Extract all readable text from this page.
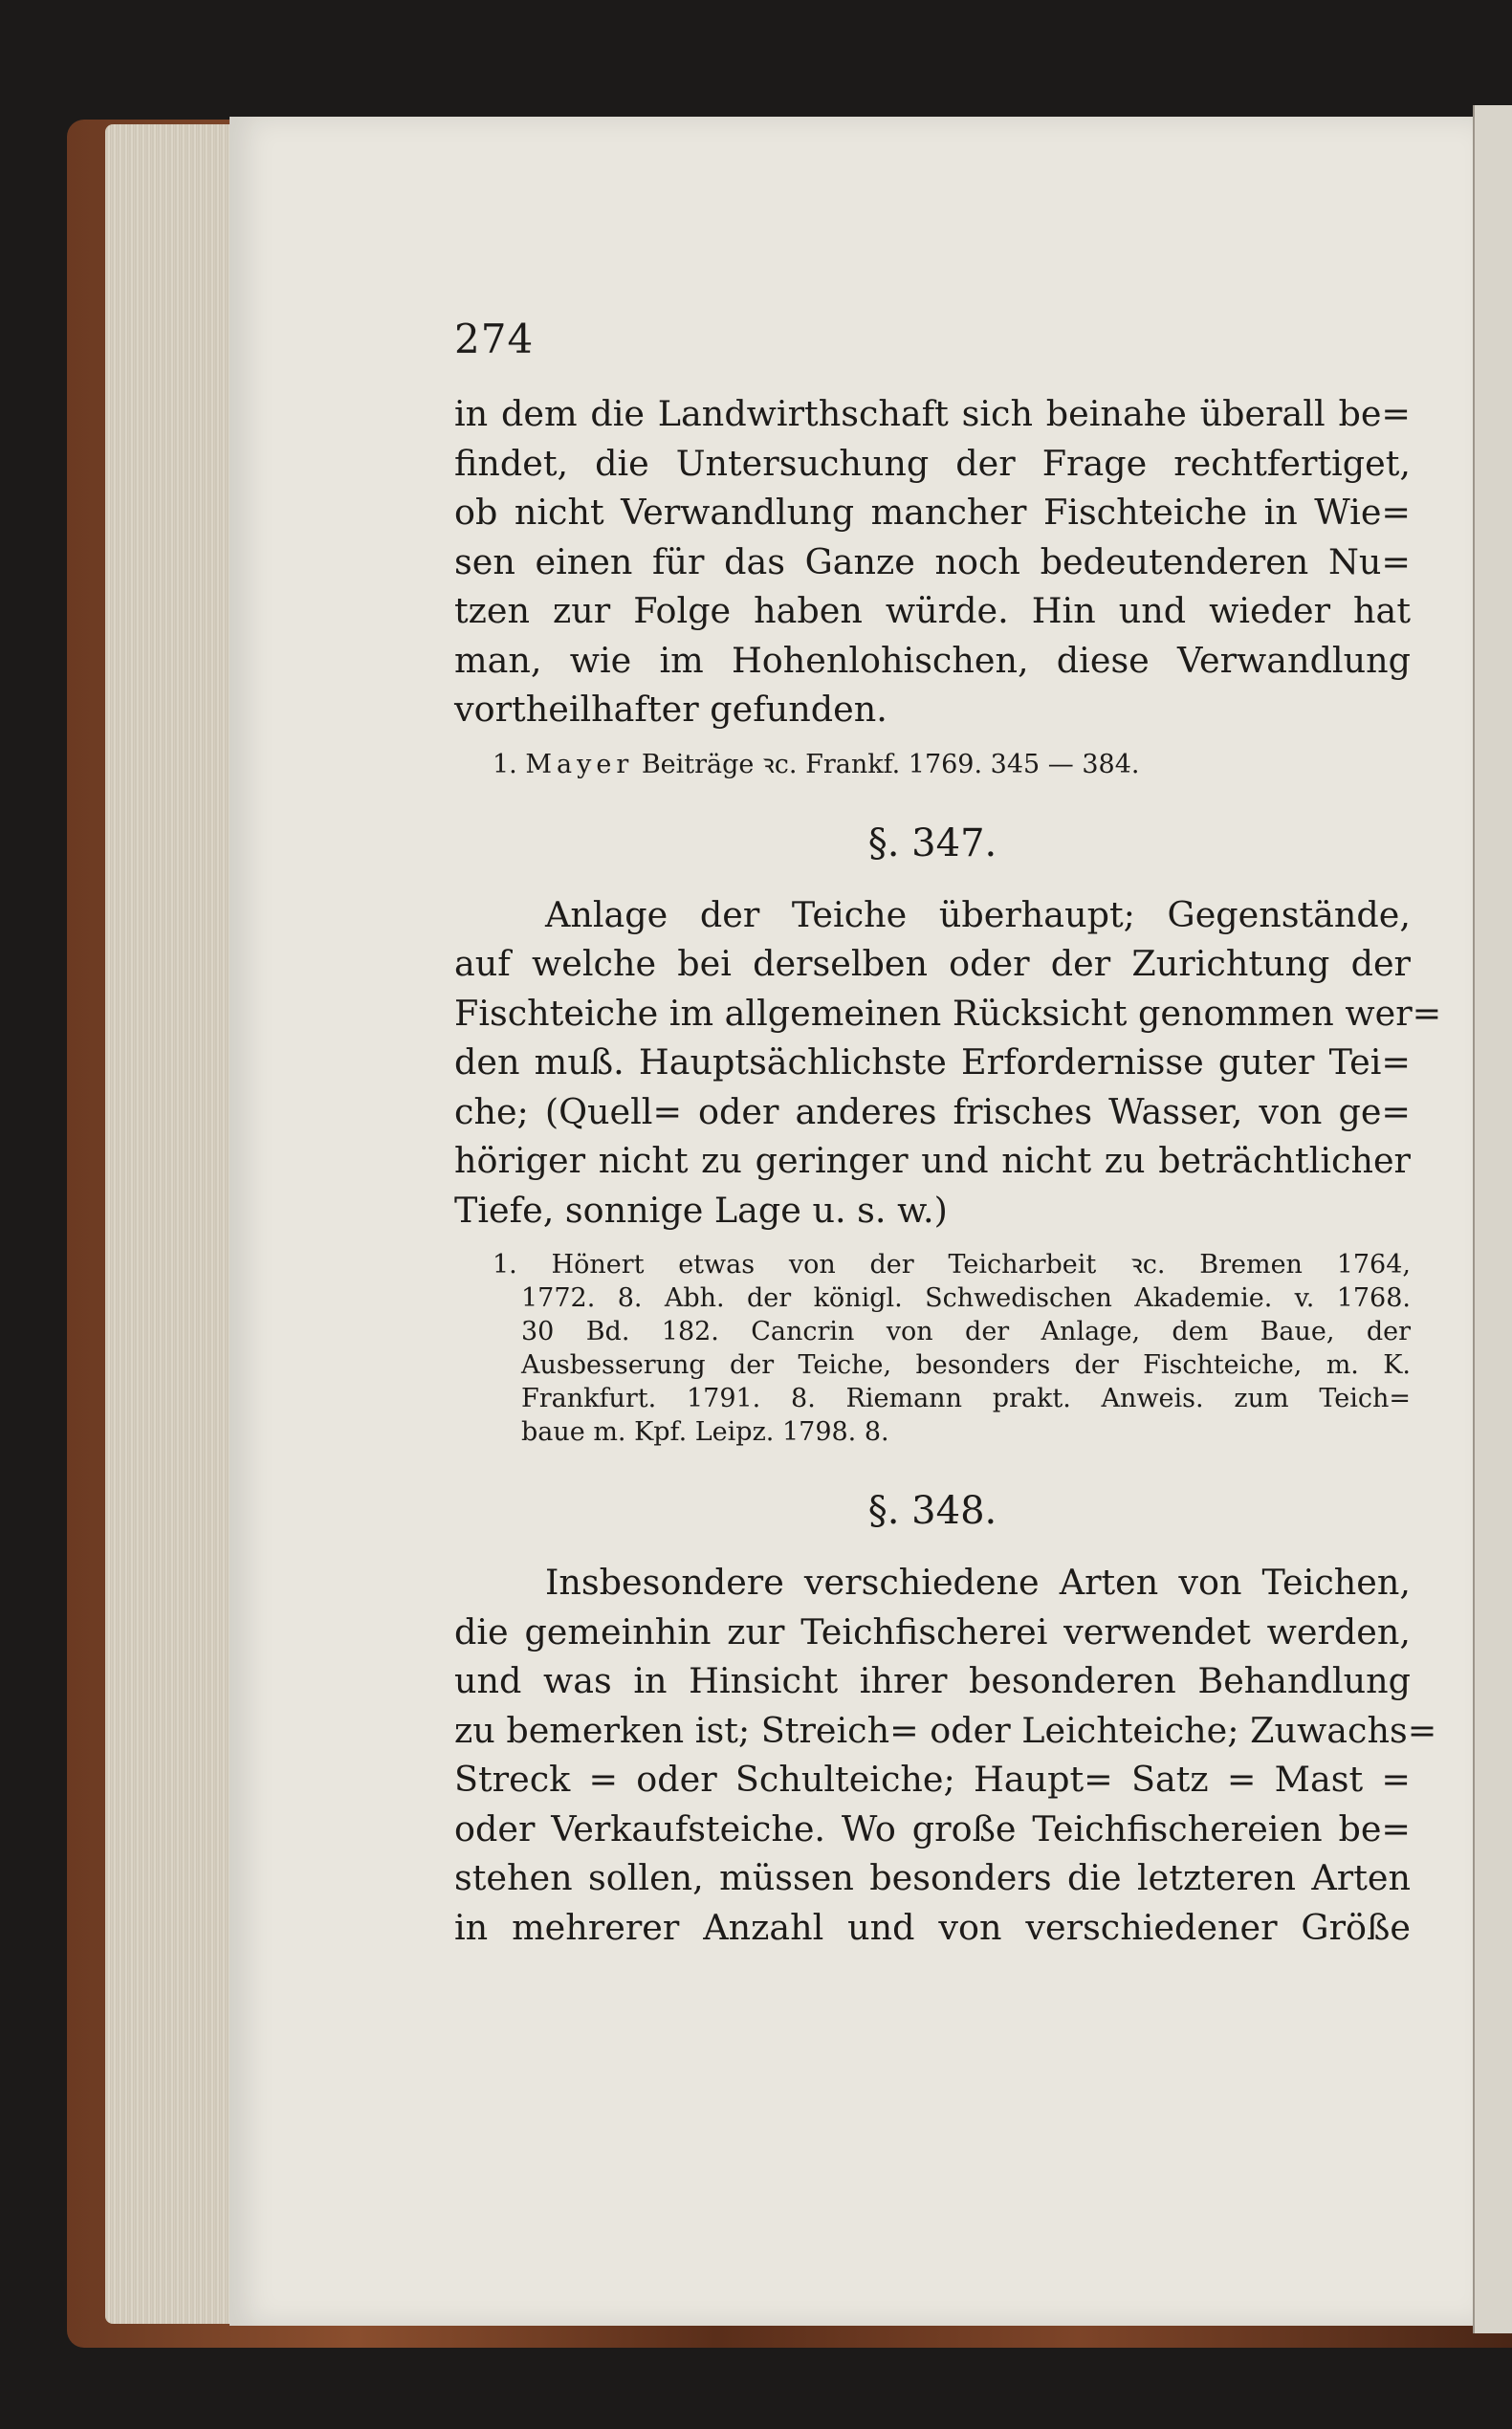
274

in dem die Landwirthschaft sich beinahe überall be=
findet, die Untersuchung der Frage rechtfertiget,
ob nicht Verwandlung mancher Fischteiche in Wie=
sen einen für das Ganze noch bedeutenderen Nu=
tzen zur Folge haben würde. Hin und wieder hat
man, wie im Hohenlohischen, diese Verwandlung
vortheilhafter gefunden.

1. Mayer Beiträge ꝛc. Frankf. 1769. 345 — 384.

§. 347.

Anlage der Teiche überhaupt; Gegenstände,
auf welche bei derselben oder der Zurichtung der
Fischteiche im allgemeinen Rücksicht genommen wer=
den muß. Hauptsächlichste Erfordernisse guter Tei=
che; (Quell= oder anderes frisches Wasser, von ge=
höriger nicht zu geringer und nicht zu beträchtlicher
Tiefe, sonnige Lage u. s. w.)

1. Hönert etwas von der Teicharbeit ꝛc. Bremen 1764,
1772. 8. Abh. der königl. Schwedischen Akademie. v. 1768.
30 Bd. 182. Cancrin von der Anlage, dem Baue, der
Ausbesserung der Teiche, besonders der Fischteiche, m. K.
Frankfurt. 1791. 8. Riemann prakt. Anweis. zum Teich=
baue m. Kpf. Leipz. 1798. 8.

§. 348.

Insbesondere verschiedene Arten von Teichen,
die gemeinhin zur Teichfischerei verwendet werden,
und was in Hinsicht ihrer besonderen Behandlung
zu bemerken ist; Streich= oder Leichteiche; Zuwachs=
Streck = oder Schulteiche; Haupt= Satz = Mast =
oder Verkaufsteiche. Wo große Teichfischereien be=
stehen sollen, müssen besonders die letzteren Arten
in mehrerer Anzahl und von verschiedener Größe
